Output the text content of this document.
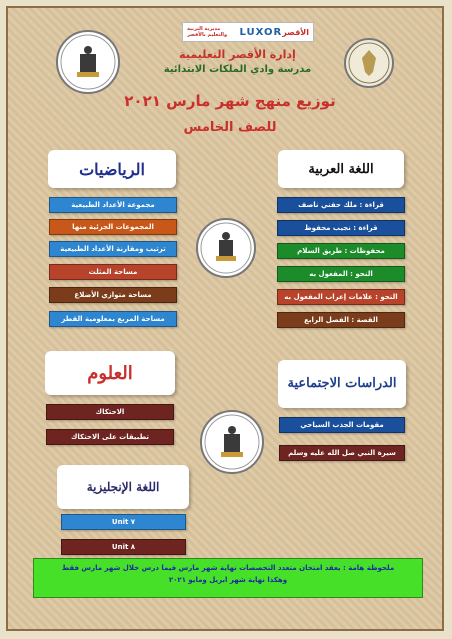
مديرية التربية والتعليم بالأقصر	LUXOR الأقصر
إدارة الأقصر التعليمية
مدرسة وادي الملكات الابتدائية
توزيع منهج شهر مارس ٢٠٢١
للصف الخامس
اللغة العربية
قراءة : ملك حفني ناصف
قراءة : نجيب محفوظ
محفوظات : طريق السلام
النحو : المفعول به
النحو : علامات إعراب المفعول به
القصة : الفصل الرابع
الرياضيات
مجموعة الأعداد الطبيعية
المجموعات الجزئية منها
ترتيب ومقارنة الأعداد الطبيعية
مساحة المثلث
مساحة متوازي الأضلاع
مساحة المربع بمعلومية القطر
الدراسات الاجتماعية
مقومات الجذب السياحي
سيرة النبي صل الله عليه وسلم
العلوم
الاحتكاك
تطبيقات على الاحتكاك
اللغة الإنجليزية
Unit ٧
Unit ٨
ملحوظة هامة : يعقد امتحان متعدد التخصصات نهاية شهر مارس فيما درس خلال شهر مارس فقط
وهكذا نهاية شهر ابريل ومايو ٢٠٢١
